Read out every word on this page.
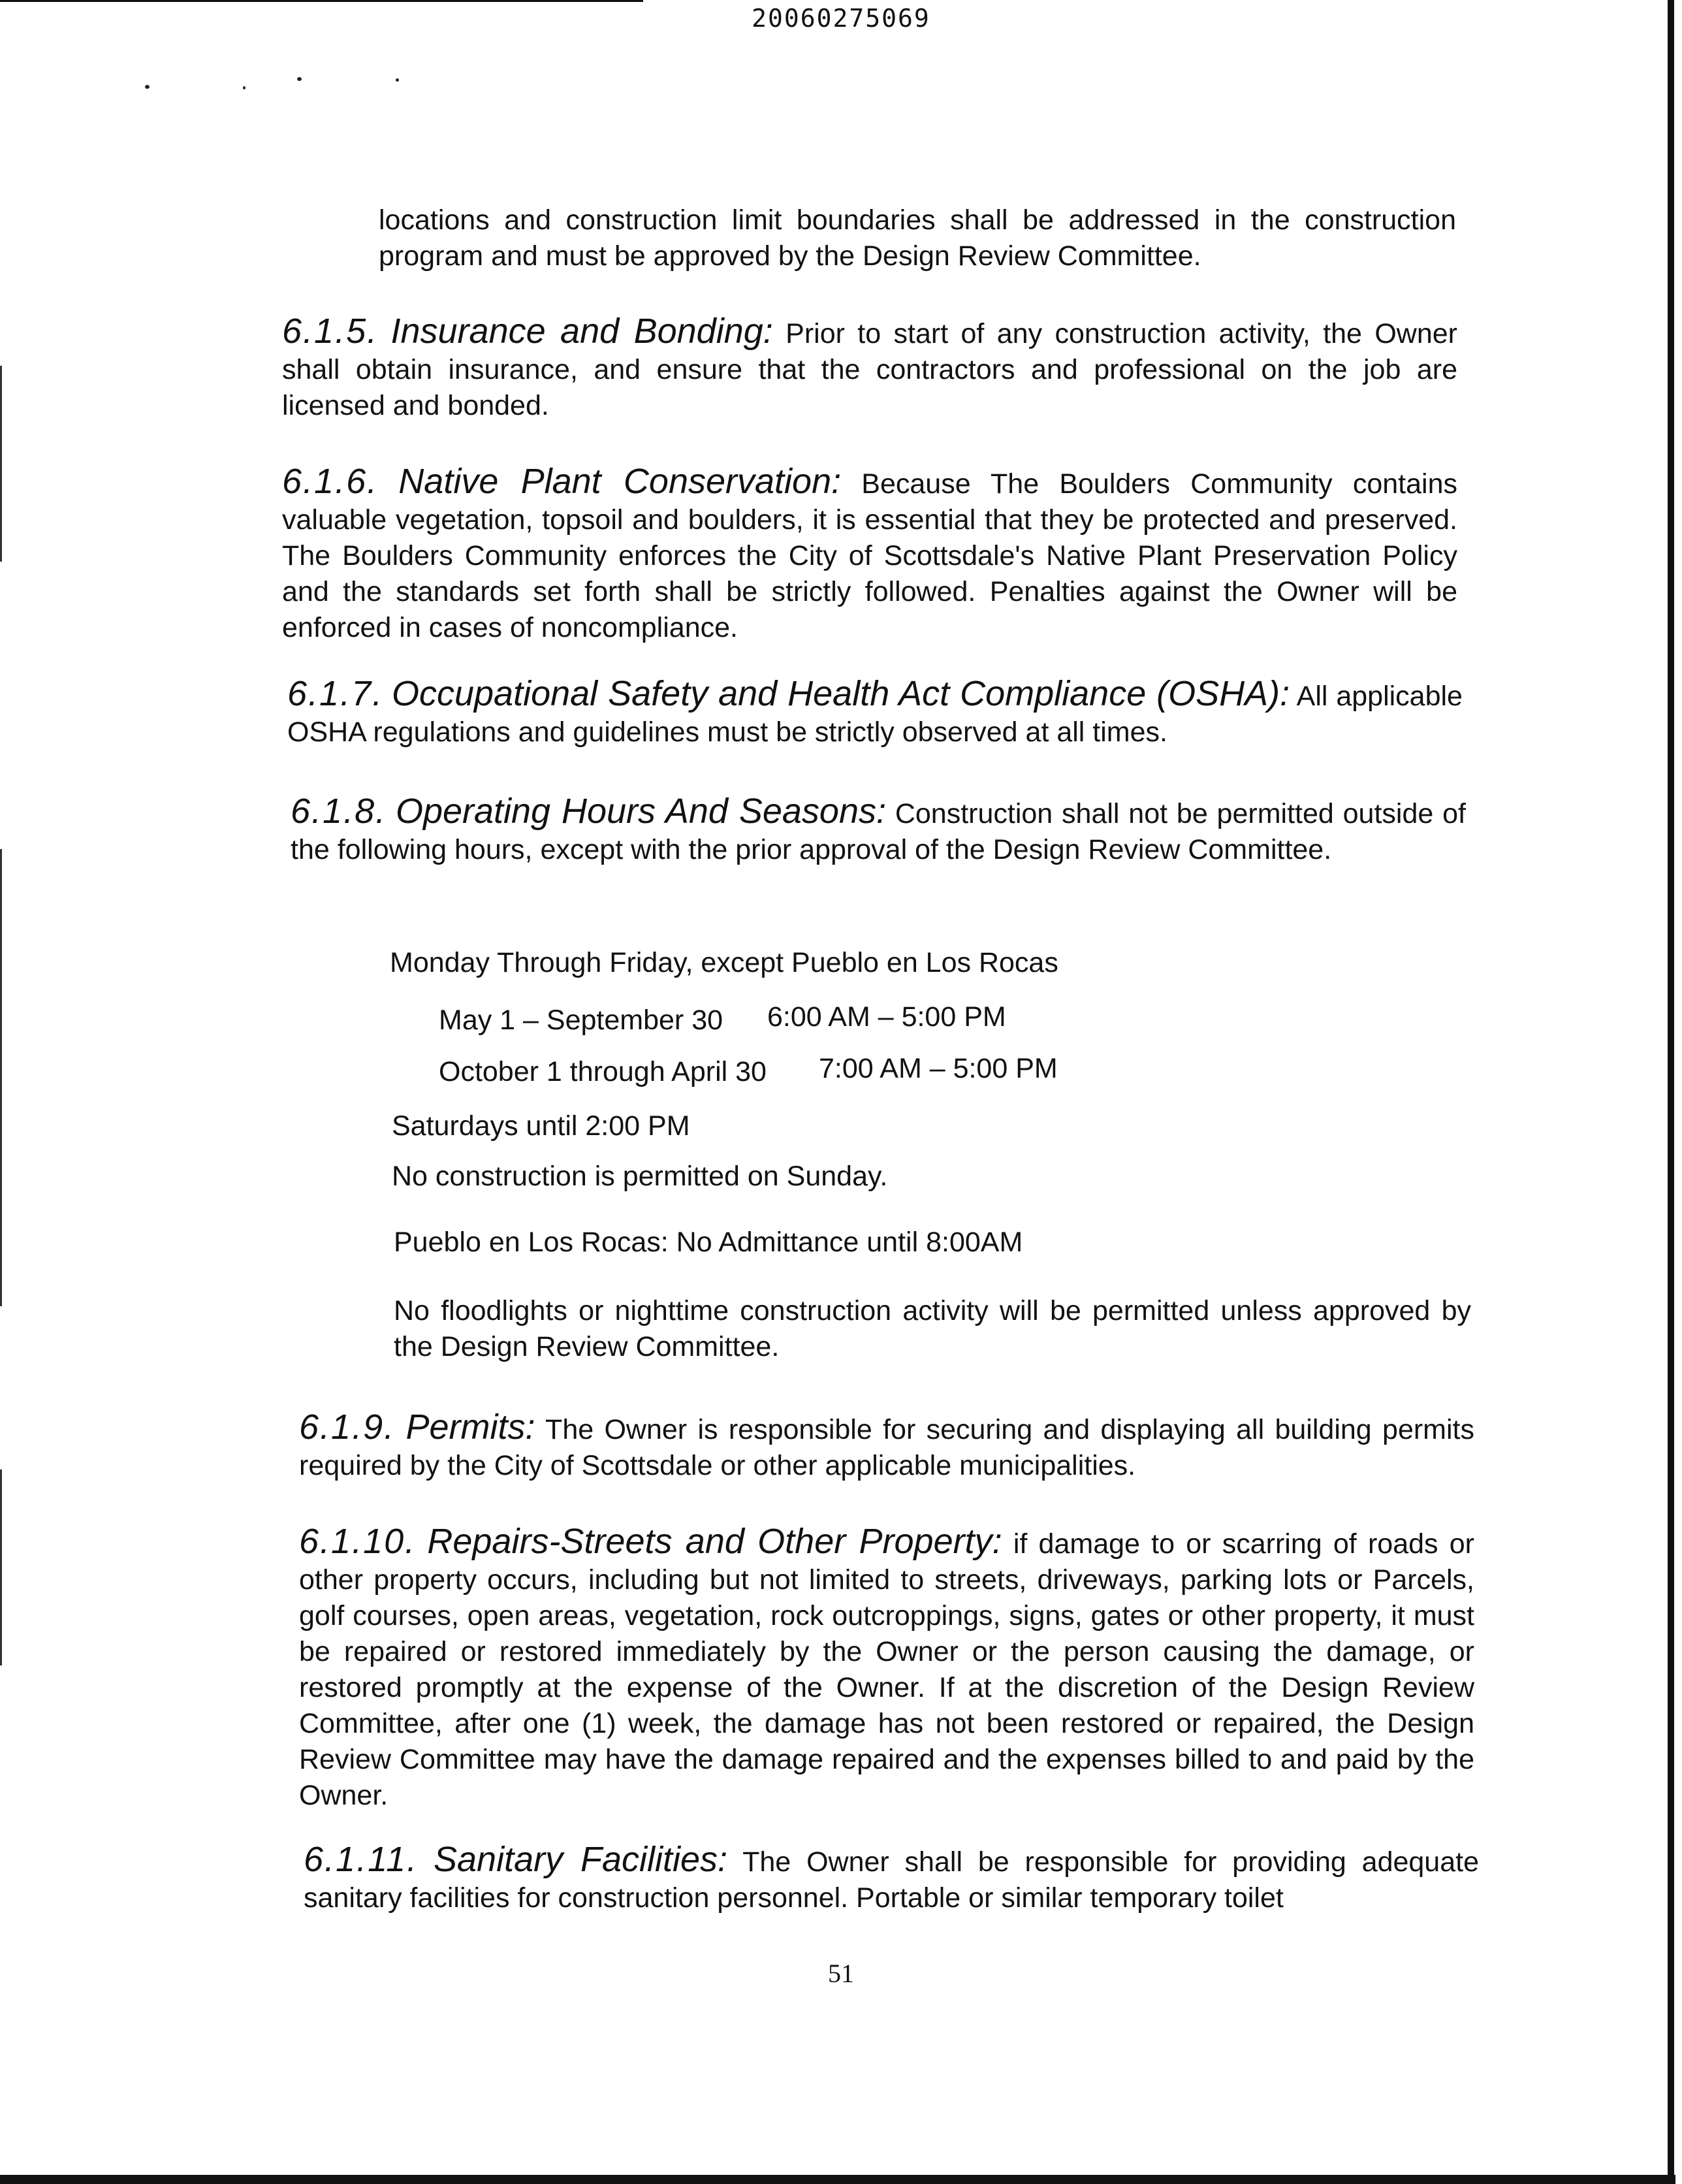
20060275069
locations and construction limit boundaries shall be addressed in the construction program and must be approved by the Design Review Committee.
6.1.5. Insurance and Bonding: Prior to start of any construction activity, the Owner shall obtain insurance, and ensure that the contractors and professional on the job are licensed and bonded.
6.1.6. Native Plant Conservation: Because The Boulders Community contains valuable vegetation, topsoil and boulders, it is essential that they be protected and preserved. The Boulders Community enforces the City of Scottsdale's Native Plant Preservation Policy and the standards set forth shall be strictly followed. Penalties against the Owner will be enforced in cases of noncompliance.
6.1.7. Occupational Safety and Health Act Compliance (OSHA): All applicable OSHA regulations and guidelines must be strictly observed at all times.
6.1.8. Operating Hours And Seasons: Construction shall not be permitted outside of the following hours, except with the prior approval of the Design Review Committee.
Monday Through Friday, except Pueblo en Los Rocas
May 1 – September 30 6:00 AM – 5:00 PM
October 1 through April 30 7:00 AM – 5:00 PM
Saturdays until 2:00 PM
No construction is permitted on Sunday.
Pueblo en Los Rocas: No Admittance until 8:00AM
No floodlights or nighttime construction activity will be permitted unless approved by the Design Review Committee.
6.1.9. Permits: The Owner is responsible for securing and displaying all building permits required by the City of Scottsdale or other applicable municipalities.
6.1.10. Repairs-Streets and Other Property: if damage to or scarring of roads or other property occurs, including but not limited to streets, driveways, parking lots or Parcels, golf courses, open areas, vegetation, rock outcroppings, signs, gates or other property, it must be repaired or restored immediately by the Owner or the person causing the damage, or restored promptly at the expense of the Owner. If at the discretion of the Design Review Committee, after one (1) week, the damage has not been restored or repaired, the Design Review Committee may have the damage repaired and the expenses billed to and paid by the Owner.
6.1.11. Sanitary Facilities: The Owner shall be responsible for providing adequate sanitary facilities for construction personnel. Portable or similar temporary toilet
51
